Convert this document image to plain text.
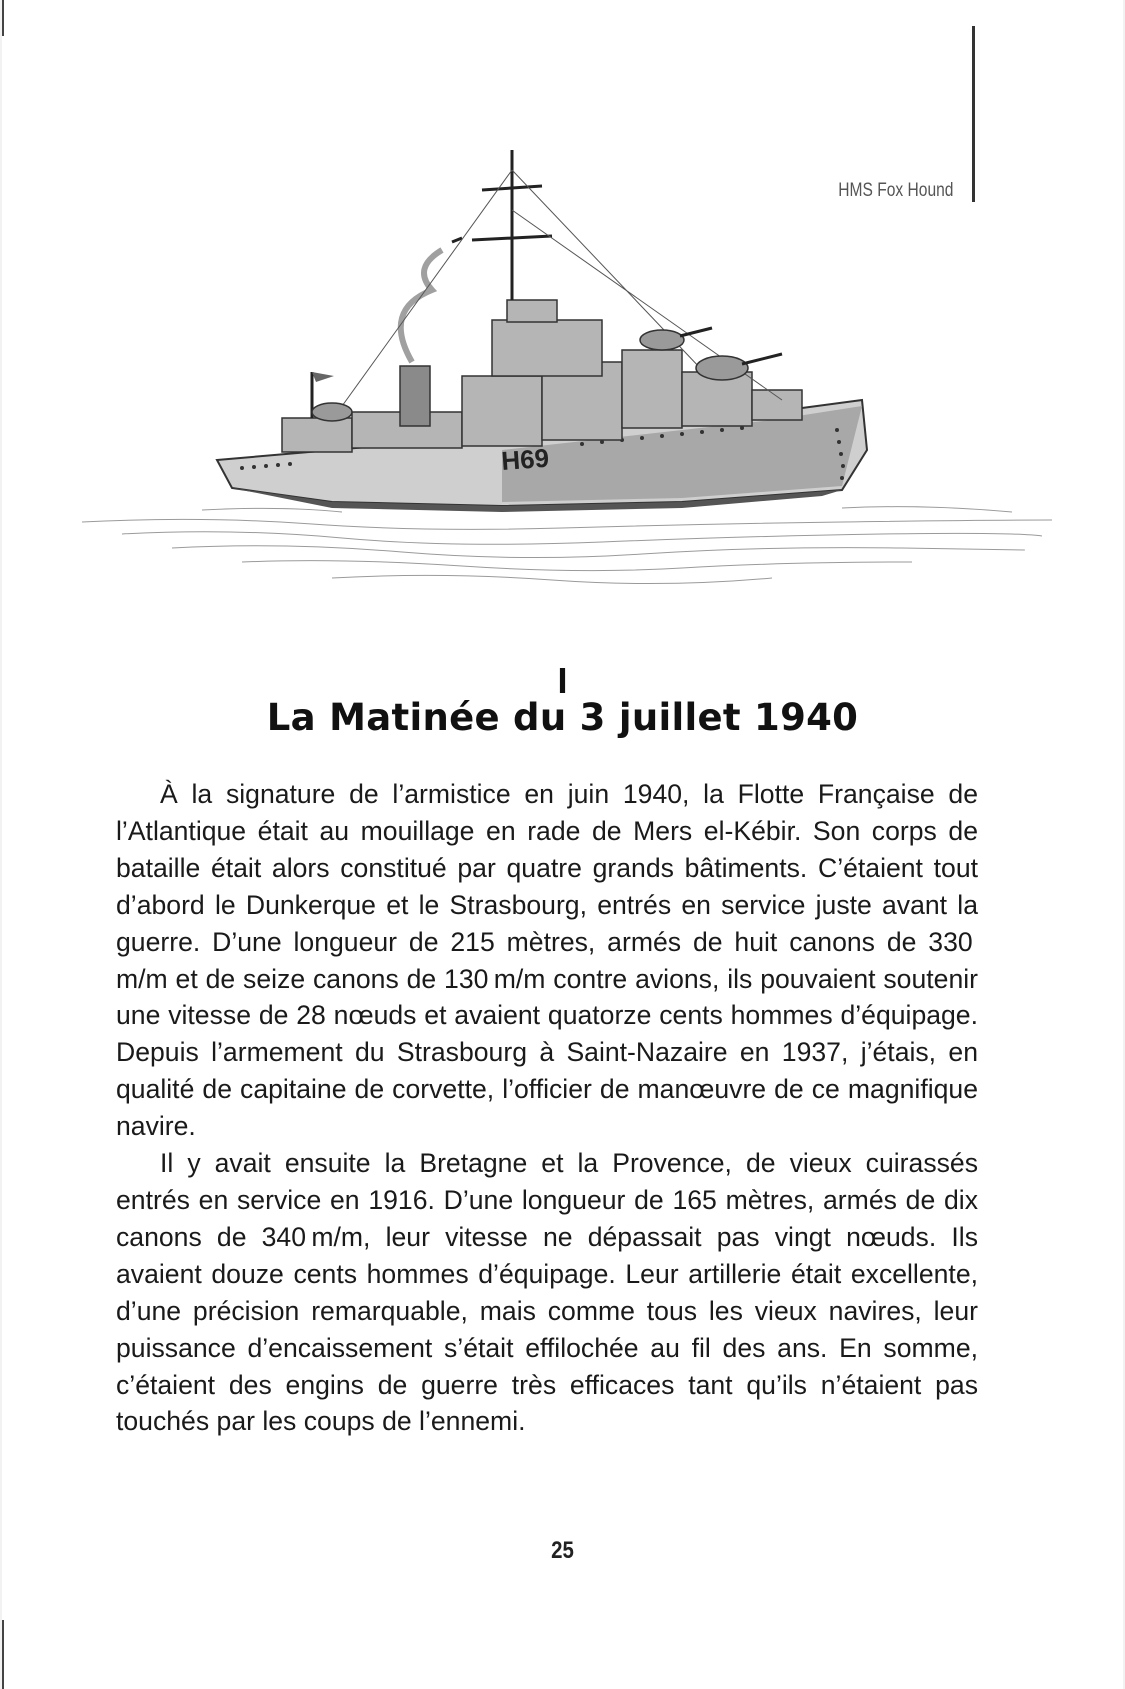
HMS Fox Hound
H69
I
La Matinée du 3 juillet 1940

À la signature de l’armistice en juin 1940, la Flotte Française de l’Atlantique était au mouillage en rade de Mers el-Kébir. Son corps de bataille était alors constitué par quatre grands bâtiments. C’étaient tout d’abord le Dunkerque et le Strasbourg, entrés en service juste avant la guerre. D’une longueur de 215 mètres, armés de huit canons de 330 m/m et de seize canons de 130 m/m contre avions, ils pouvaient soutenir une vitesse de 28 nœuds et avaient quatorze cents hommes d’équipage. Depuis l’armement du Strasbourg à Saint-Nazaire en 1937, j’étais, en qualité de capitaine de corvette, l’officier de manœuvre de ce magnifique navire.

Il y avait ensuite la Bretagne et la Provence, de vieux cuirassés entrés en service en 1916. D’une longueur de 165 mètres, armés de dix canons de 340 m/m, leur vitesse ne dépassait pas vingt nœuds. Ils avaient douze cents hommes d’équipage. Leur artillerie était excellente, d’une précision remarquable, mais comme tous les vieux navires, leur puissance d’encaissement s’était effilochée au fil des ans. En somme, c’étaient des engins de guerre très efficaces tant qu’ils n’étaient pas touchés par les coups de l’ennemi.

25
